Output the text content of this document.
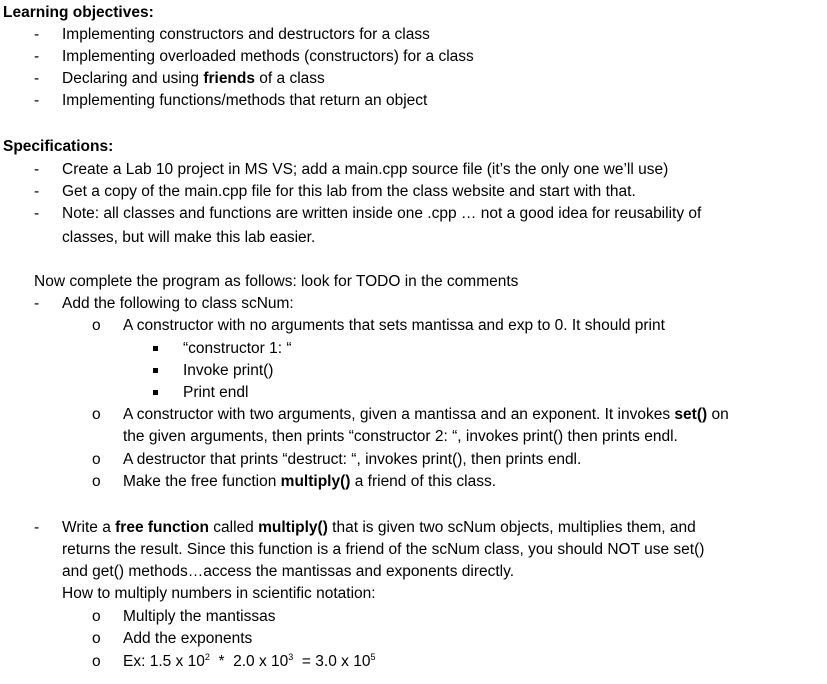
Learning objectives:
- Implementing constructors and destructors for a class
- Implementing overloaded methods (constructors) for a class
- Declaring and using friends of a class
- Implementing functions/methods that return an object
Specifications:
- Create a Lab 10 project in MS VS; add a main.cpp source file (it’s the only one we’ll use)
- Get a copy of the main.cpp file for this lab from the class website and start with that.
- Note: all classes and functions are written inside one .cpp … not a good idea for reusability of
classes, but will make this lab easier.
Now complete the program as follows: look for TODO in the comments
- Add the following to class scNum:
o A constructor with no arguments that sets mantissa and exp to 0. It should print
“constructor 1: “
Invoke print()
Print endl
o A constructor with two arguments, given a mantissa and an exponent. It invokes set() on
the given arguments, then prints “constructor 2: “, invokes print() then prints endl.
o A destructor that prints “destruct: “, invokes print(), then prints endl.
o Make the free function multiply() a friend of this class.
- Write a free function called multiply() that is given two scNum objects, multiplies them, and
returns the result. Since this function is a friend of the scNum class, you should NOT use set()
and get() methods…access the mantissas and exponents directly.
How to multiply numbers in scientific notation:
o Multiply the mantissas
o Add the exponents
o Ex: 1.5 x $10^2 * 2.0$ x $10^3 = 3.0$ x $10^5$
